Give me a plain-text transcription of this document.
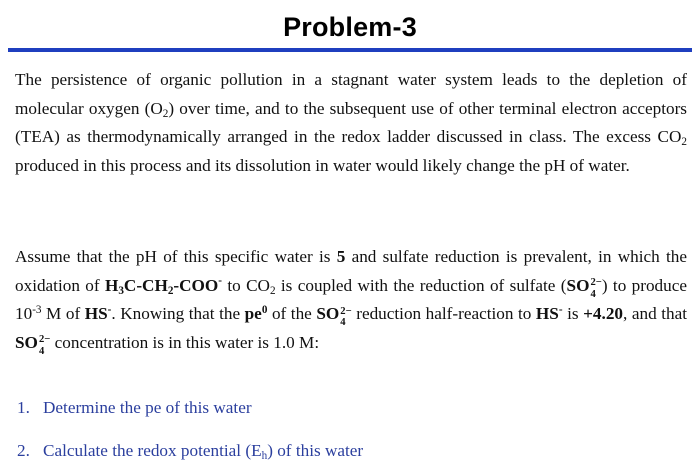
Problem-3

The persistence of organic pollution in a stagnant water system leads to the depletion of molecular oxygen $(O_2)$ over time, and to the subsequent use of other terminal electron acceptors (TEA) as thermodynamically arranged in the redox ladder discussed in class. The excess $CO_2$ produced in this process and its dissolution in water would likely change the pH of water.

Assume that the pH of this specific water is 5 and sulfate reduction is prevalent, in which the oxidation of $H_3C-CH_2-COO^-$ to $CO_2$ is coupled with the reduction of sulfate (SO 2−
4 ) to produce $10^{-3}$ M of HS-. Knowing that the $pe^0$ of the SO 2−
4 reduction half-reaction to HS- is +4.20, and that SO 2−
4 concentration is in this water is 1.0 M:

1. Determine the pe of this water
2. Calculate the redox potential $(E_h)$ of this water
